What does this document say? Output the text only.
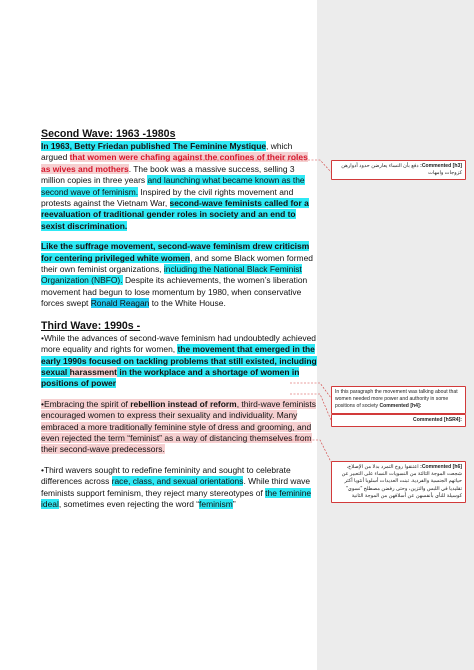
Second Wave: 1963 -1980s

In 1963, Betty Friedan published The Feminine Mystique, which argued that women were chafing against the confines of their roles as wives and mothers. The book was a massive success, selling 3 million copies in three years and launching what became known as the second wave of feminism. Inspired by the civil rights movement and protests against the Vietnam War, second-wave feminists called for a reevaluation of traditional gender roles in society and an end to sexist discrimination.

Like the suffrage movement, second-wave feminism drew criticism for centering privileged white women, and some Black women formed their own feminist organizations, including the National Black Feminist Organization (NBFO). Despite its achievements, the women’s liberation movement had begun to lose momentum by 1980, when conservative forces swept Ronald Reagan to the White House.

Third Wave: 1990s -

•While the advances of second-wave feminism had undoubtedly achieved more equality and rights for women, the movement that emerged in the early 1990s focused on tackling problems that still existed, including sexual harassment in the workplace and a shortage of women in positions of power

•Embracing the spirit of rebellion instead of reform, third-wave feminists encouraged women to express their sexuality and individuality. Many embraced a more traditionally feminine style of dress and grooming, and even rejected the term “feminist” as a way of distancing themselves from their second-wave predecessors.

•Third wavers sought to redefine femininity and sought to celebrate differences across race, class, and sexual orientations. While third wave feminists support feminism, they reject many stereotypes of the feminine ideal, sometimes even rejecting the word “feminism”

Commented [h3]: دفع بأن النساء يعارضن حدود أدوارهن كزوجات وامهات
In this paragraph the movement was talking about that women needed more power and authority in some positions of society Commented [h4]:
Commented [hSR4]:
Commented [h6]: اعتنقوا روح التمرد بدلا من الإصلاح، شجعت الموجة الثالثة من النسويات النساء على التعبير عن حياتهم الجنسية والفردية. تبنت العديدات أسلوبا أنثويا أكثر تقليديا في اللبس والتزين، وحتى رفضن مصطلح "نسوي" كوسيلة للنأي بأنفسهن عن أسلافهن من الموجة الثانية
